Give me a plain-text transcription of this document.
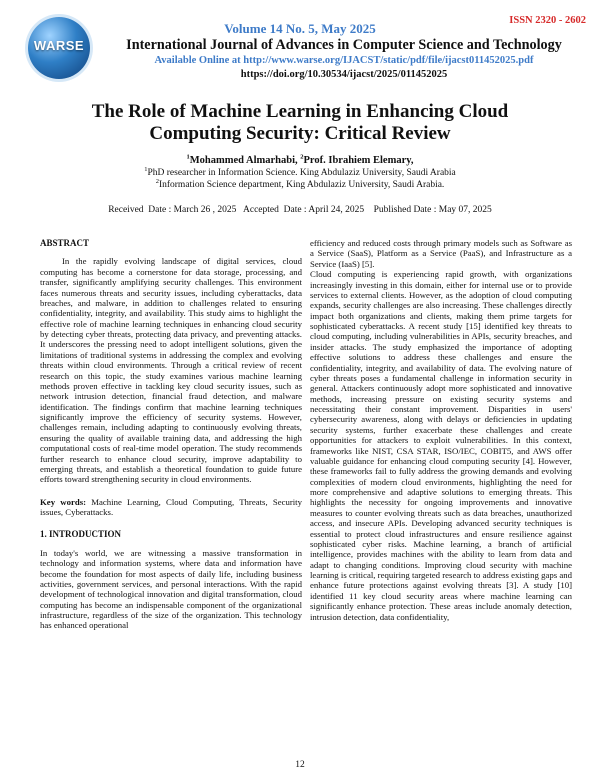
WARSE
ISSN 2320 - 2602
Volume 14 No. 5, May 2025
International Journal of Advances in Computer Science and Technology
Available Online at http://www.warse.org/IJACST/static/pdf/file/ijacst011452025.pdf
https://doi.org/10.30534/ijacst/2025/011452025
The Role of Machine Learning in Enhancing Cloud Computing Security: Critical Review
$^1$Mohammed Almarhabi, $^2$Prof. Ibrahiem Elemary,
$^1$PhD researcher in Information Science. King Abdulaziz University, Saudi Arabia
$^2$Information Science department, King Abdulaziz University, Saudi Arabia.
Received  Date : March 26 , 2025   Accepted  Date : April 24, 2025    Published Date : May 07, 2025

ABSTRACT

In the rapidly evolving landscape of digital services, cloud computing has become a cornerstone for data storage, processing, and transfer, significantly amplifying security challenges. This environment faces numerous threats and security issues, including cyberattacks, data breaches, and malware, in addition to challenges related to ensuring confidentiality, integrity, and availability. This study aims to highlight the effective role of machine learning techniques in enhancing cloud security by detecting cyber threats, protecting data privacy, and preventing attacks. It underscores the pressing need to adopt intelligent solutions, given the limitations of traditional systems in addressing the complex and evolving threats within cloud environments. Through a critical review of recent research on this topic, the study examines various machine learning methods proven effective in tackling key cloud security issues, such as network intrusion detection, financial fraud detection, and malware identification. The findings confirm that machine learning techniques significantly improve the efficiency of security systems. However, challenges remain, including adapting to continuously evolving threats, ensuring the quality of available training data, and addressing the high computational costs of real-time model operation. The study recommends further research to enhance cloud security, improve adaptability to emerging threats, and establish a theoretical foundation to guide future efforts toward strengthening security in cloud environments.

Key words: Machine Learning, Cloud Computing, Threats, Security issues, Cyberattacks.

1. INTRODUCTION

In today's world, we are witnessing a massive transformation in technology and information systems, where data and information have become the foundation for most aspects of daily life, including business activities, government services, and personal interactions. With the rapid development of technological innovation and digital transformation, cloud computing has become an indispensable component of the organizational infrastructure, regardless of the size of the organization. This technology has enhanced operational

efficiency and reduced costs through primary models such as Software as a Service (SaaS), Platform as a Service (PaaS), and Infrastructure as a Service (IaaS) [5].

Cloud computing is experiencing rapid growth, with organizations increasingly investing in this domain, either for internal use or to provide services to external clients. However, as the adoption of cloud computing expands, security challenges are also increasing. These challenges directly impact both organizations and clients, making them prime targets for sophisticated cyberattacks. A recent study [15] identified key threats to cloud computing, including vulnerabilities in APIs, security breaches, and insider attacks. The study emphasized the importance of adopting effective solutions to address these challenges and ensure the confidentiality, integrity, and availability of data. The evolving nature of cyber threats poses a fundamental challenge in information security in general. Attackers continuously adopt more sophisticated and innovative methods, increasing pressure on existing security systems and necessitating their constant improvement. Disparities in users' cybersecurity awareness, along with delays or deficiencies in updating security systems, further exacerbate these challenges and create opportunities for attackers to exploit vulnerabilities. In this context, frameworks like NIST, CSA STAR, ISO/IEC, COBIT5, and AWS offer valuable guidance for enhancing cloud computing security [4]. However, these frameworks fail to fully address the growing demands and evolving complexities of modern cloud environments, highlighting the need for more comprehensive and adaptive solutions to emerging threats. This highlights the necessity for ongoing improvements and innovative measures to counter evolving threats such as data breaches, unauthorized access, and insecure APIs. Developing advanced security techniques is essential to protect cloud infrastructures and ensure resilience against sophisticated cyber risks. Machine learning, a branch of artificial intelligence, provides machines with the ability to learn from data and adapt to changing conditions. Improving cloud security with machine learning is critical, requiring targeted research to address existing gaps and enhance future protections against evolving threats [3]. A study [10] identified 11 key cloud security areas where machine learning can significantly enhance protection. These areas include anomaly detection, intrusion detection, data confidentiality,

12
